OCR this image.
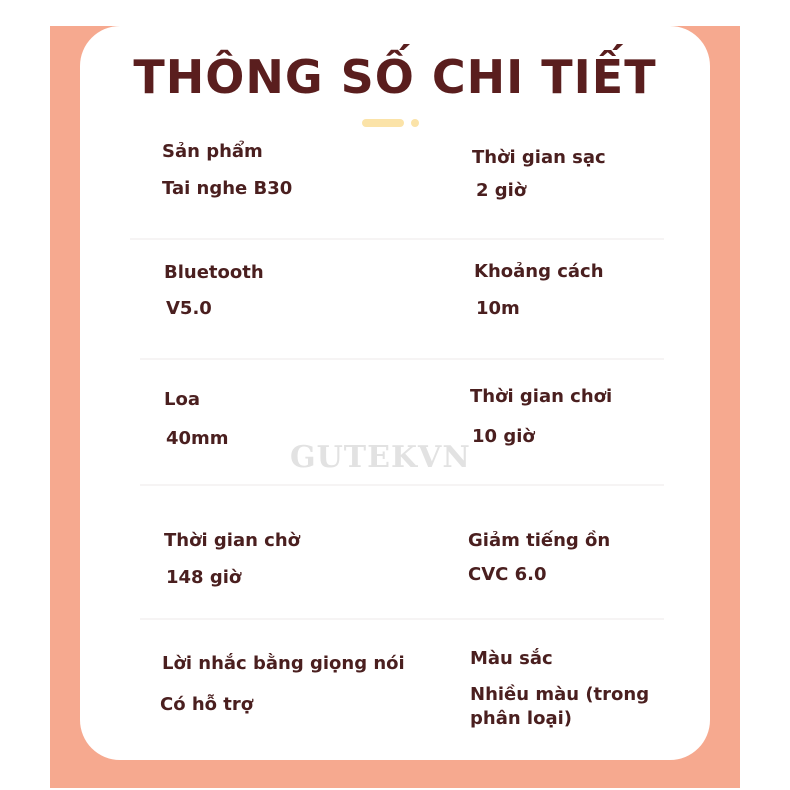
THÔNG SỐ CHI TIẾT
Sản phẩm
Tai nghe B30
Thời gian sạc
2 giờ
Bluetooth
V5.0
Khoảng cách
10m
Loa
40mm
Thời gian chơi
10 giờ
GUTEKVN
Thời gian chờ
148 giờ
Giảm tiếng ồn
CVC 6.0
Lời nhắc bằng giọng nói
Có hỗ trợ
Màu sắc
Nhiều màu (trong phân loại)
